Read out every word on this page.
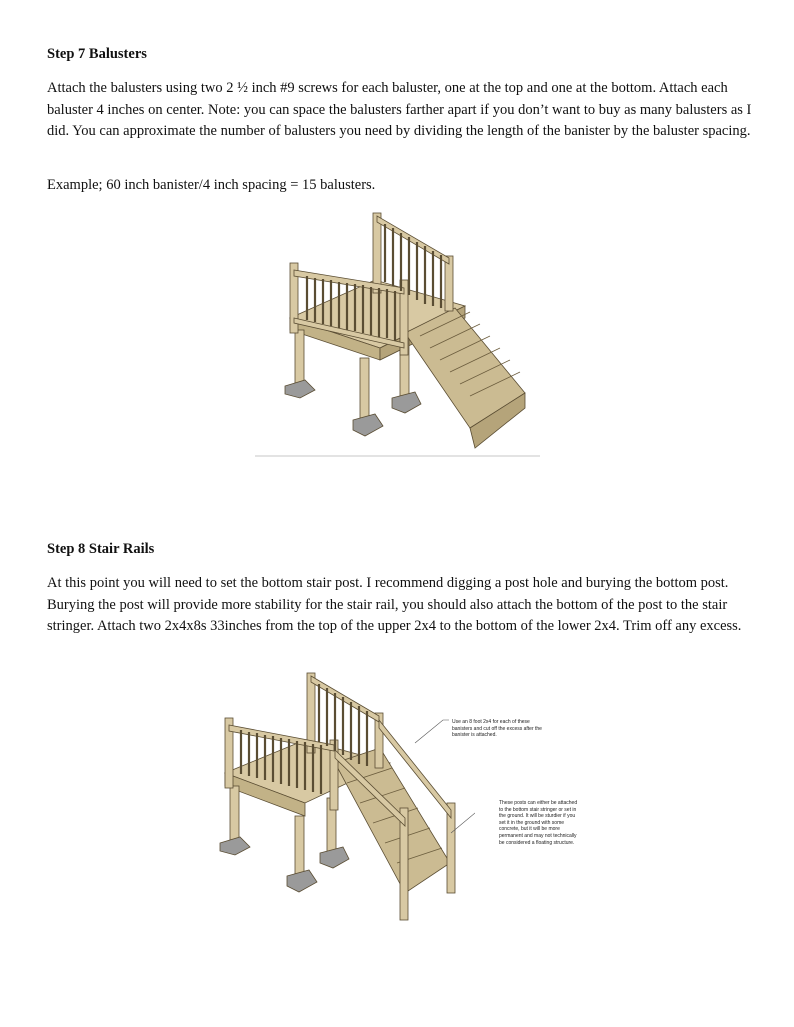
Step 7 Balusters
Attach the balusters using two 2 ½ inch #9 screws for each baluster, one at the top and one at the bottom. Attach each baluster 4 inches on center. Note: you can space the balusters farther apart if you don’t want to buy as many balusters as I did. You can approximate the number of balusters you need by dividing the length of the banister by the baluster spacing.
Example; 60 inch banister/4 inch spacing = 15 balusters.
Step 8 Stair Rails
At this point you will need to set the bottom stair post. I recommend digging a post hole and burying the bottom post. Burying the post will provide more stability for the stair rail, you should also attach the bottom of the post to the stair stringer. Attach two 2x4x8s 33inches from the top of the upper 2x4 to the bottom of the lower 2x4. Trim off any excess.
Use an 8 foot 2x4 for each of these banisters and cut off the excess after the banister is attached.
These posts can either be attached to the bottom stair stringer or set in the ground. It will be sturdier if you set it in the ground with some concrete, but it will be more permanent and may not technically be considered a floating structure.
